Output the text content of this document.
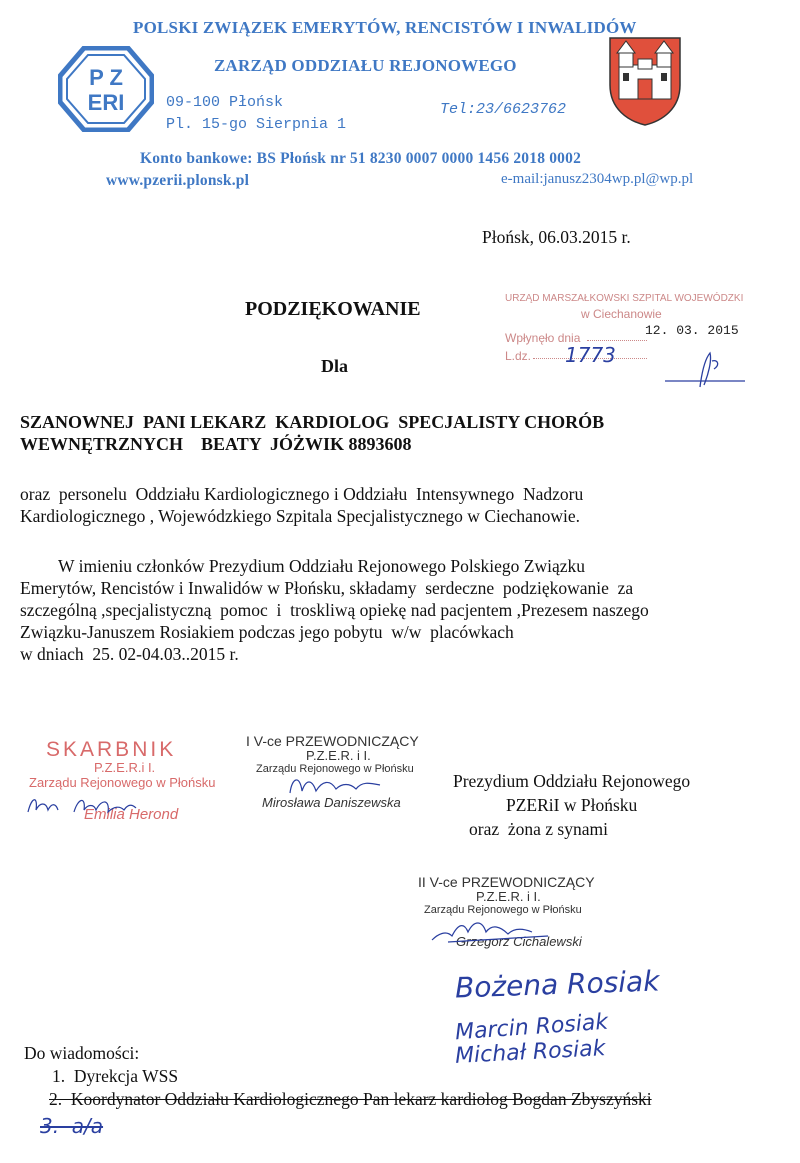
POLSKI ZWIĄZEK EMERYTÓW, RENCISTÓW I INWALIDÓW
ZARZĄD ODDZIAŁU REJONOWEGO
P Z
ERI	09-100 Płońsk
Pl. 15-go Sierpnia 1
Tel:23/6623762
Konto bankowe: BS Płońsk nr 51 8230 0007 0000 1456 2018 0002
www.pzerii.plonsk.pl	e-mail:janusz2304wp.pl@wp.pl
Płońsk, 06.03.2015 r.
URZĄD MARSZAŁKOWSKI SZPITAL WOJEWÓDZKI
w Ciechanowie
Wpłynęło dnia	12. 03. 2015
L.dz. 1773
PODZIĘKOWANIE
Dla
SZANOWNEJ  PANI LEKARZ  KARDIOLOG  SPECJALISTY CHORÓB
WEWNĘTRZNYCH    BEATY  JÓŻWIK 8893608

oraz  personelu  Oddziału Kardiologicznego i Oddziału  Intensywnego  Nadzoru

Kardiologicznego , Wojewódzkiego Szpitala Specjalistycznego w Ciechanowie.

W imieniu członków Prezydium Oddziału Rejonowego Polskiego Związku

Emerytów, Rencistów i Inwalidów w Płońsku, składamy  serdeczne  podziękowanie  za

szczególną ,specjalistyczną  pomoc  i  troskliwą opiekę nad pacjentem ,Prezesem naszego

Związku-Januszem Rosiakiem podczas jego pobytu  w/w  placówkach

w dniach  25. 02-04.03..2015 r.

SKARBNIK
P.Z.E.R.i I.
Zarządu Rejonowego w Płońsku
Emilia Herond
I V-ce PRZEWODNICZĄCY
P.Z.E.R. i I.
Zarządu Rejonowego w Płońsku
Mirosława Daniszewska
Prezydium Oddziału Rejonowego
PZERiI w Płońsku
oraz  żona z synami
II V-ce PRZEWODNICZĄCY
P.Z.E.R. i I.
Zarządu Rejonowego w Płońsku
Grzegorz Cichalewski
Bożena Rosiak
Marcin Rosiak
Michał Rosiak
Do wiadomości:
1.  Dyrekcja WSS
2.  Koordynator Oddziału Kardiologicznego Pan lekarz kardiolog Bogdan Zbyszyński
3.  a/a
